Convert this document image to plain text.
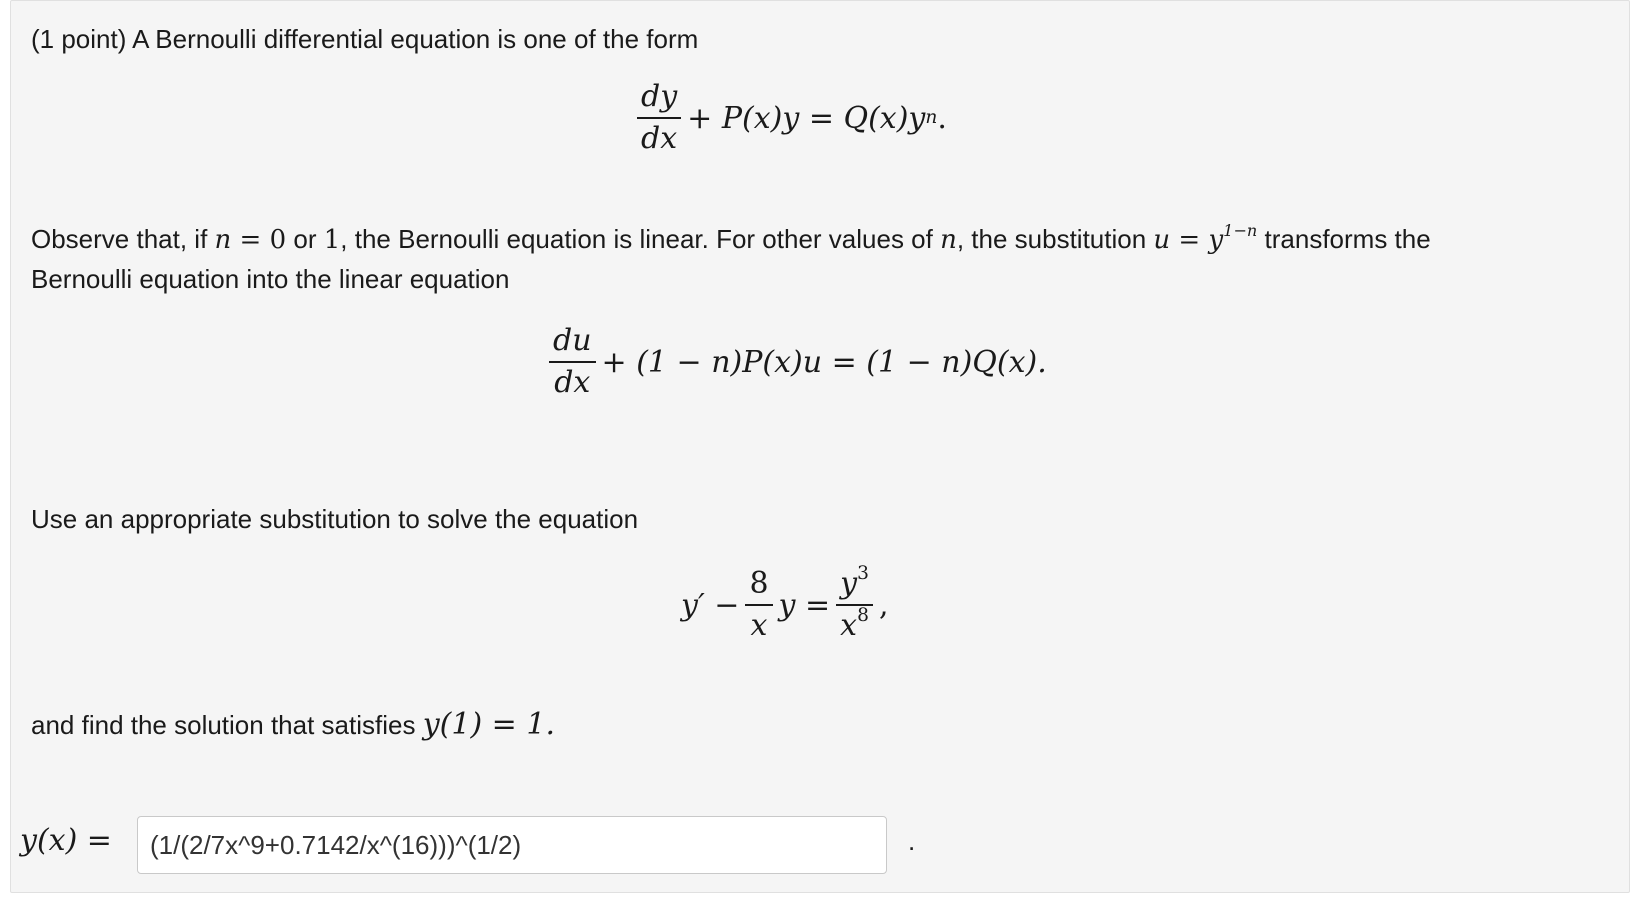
(1 point) A Bernoulli differential equation is one of the form
$\frac{dy}{dx} + P(x)y = Q(x)y$ n .
Observe that, if n = 0 or 1, the Bernoulli equation is linear. For other values of n, the substitution $u = y^{1-n}$ transforms the
Bernoulli equation into the linear equation
$\frac{du}{dx} + (1 - n)P(x)u = (1 - n)Q(x)$.
Use an appropriate substitution to solve the equation
$y' - \frac{8}{x}$ $y = \frac{y^3}{x^8}$ ,
and find the solution that satisfies y(1) = 1.
y(x) =
(1/(2/7x^9+0.7142/x^(16)))^(1/2)	.
